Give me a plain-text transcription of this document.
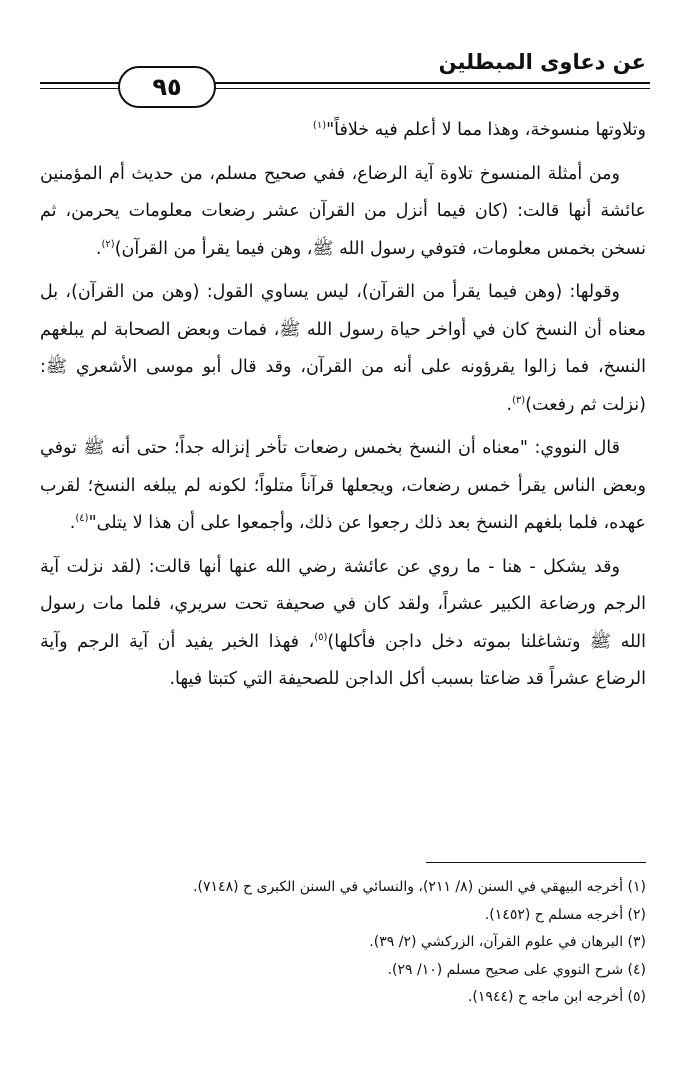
عن دعاوى المبطلين
٩٥

وتلاوتها منسوخة، وهذا مما لا أعلم فيه خلافاً"$^{(١)}$

ومن أمثلة المنسوخ تلاوة آية الرضاع، ففي صحيح مسلم، من حديث أم المؤمنين عائشة أنها قالت: (كان فيما أنزل من القرآن عشر رضعات معلومات يحرمن، ثم نسخن بخمس معلومات، فتوفي رسول الله ﷺ، وهن فيما يقرأ من القرآن)$^{(٢)}$.

وقولها: (وهن فيما يقرأ من القرآن)، ليس يساوي القول: (وهن من القرآن)، بل معناه أن النسخ كان في أواخر حياة رسول الله ﷺ، فمات وبعض الصحابة لم يبلغهم النسخ، فما زالوا يقرؤونه على أنه من القرآن، وقد قال أبو موسى الأشعري ﷺ: (نزلت ثم رفعت)$^{(٣)}$.

قال النووي: "معناه أن النسخ بخمس رضعات تأخر إنزاله جداً؛ حتى أنه ﷺ توفي وبعض الناس يقرأ خمس رضعات، ويجعلها قرآناً متلواً؛ لكونه لم يبلغه النسخ؛ لقرب عهده، فلما بلغهم النسخ بعد ذلك رجعوا عن ذلك، وأجمعوا على أن هذا لا يتلى"$^{(٤)}$.

وقد يشكل - هنا - ما روي عن عائشة رضي الله عنها أنها قالت: (لقد نزلت آية الرجم ورضاعة الكبير عشراً، ولقد كان في صحيفة تحت سريري، فلما مات رسول الله ﷺ وتشاغلنا بموته دخل داجن فأكلها)$^{(٥)}$، فهذا الخبر يفيد أن آية الرجم وآية الرضاع عشراً قد ضاعتا بسبب أكل الداجن للصحيفة التي كتبتا فيها.

(١) أخرجه البيهقي في السنن (٨/ ٢١١)، والنسائي في السنن الكبرى ح (٧١٤٨).
(٢) أخرجه مسلم ح (١٤٥٢).
(٣) البرهان في علوم القرآن، الزركشي (٢/ ٣٩).
(٤) شرح النووي على صحيح مسلم (١٠/ ٢٩).
(٥) أخرجه ابن ماجه ح (١٩٤٤).
